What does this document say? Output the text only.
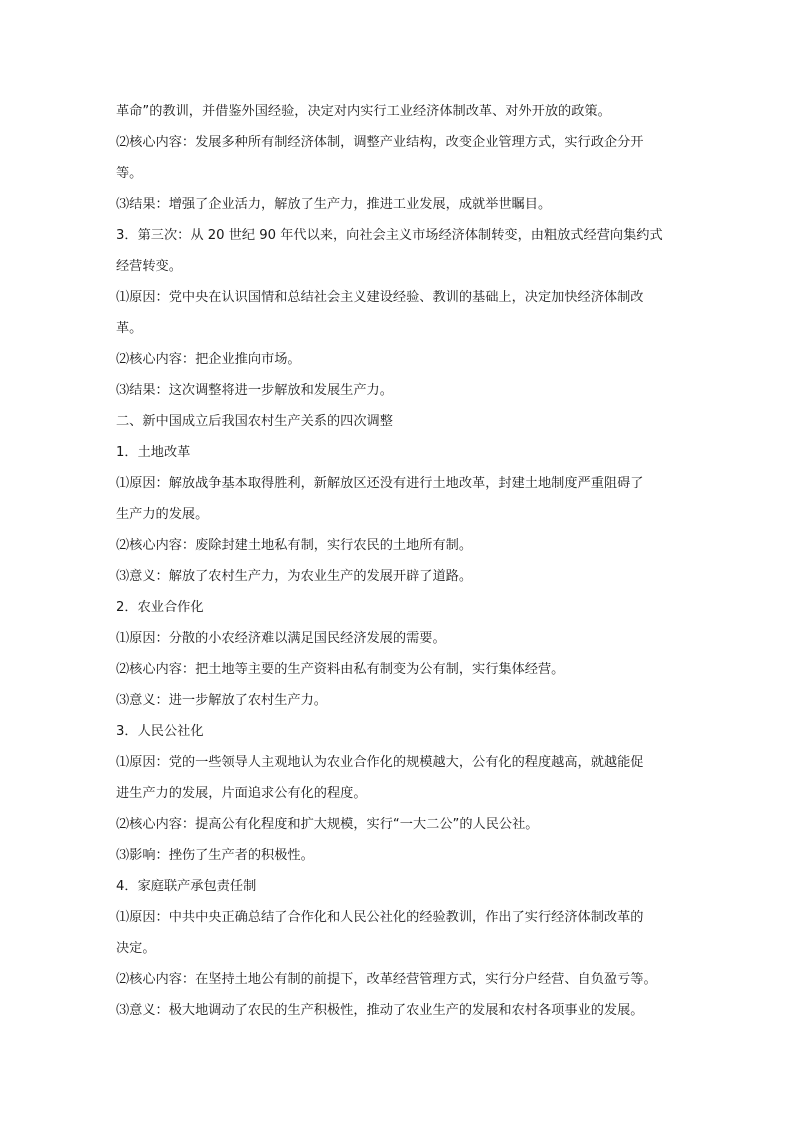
革命”的教训，并借鉴外国经验，决定对内实行工业经济体制改革、对外开放的政策。
⑵核心内容：发展多种所有制经济体制，调整产业结构，改变企业管理方式，实行政企分开
等。
⑶结果：增强了企业活力，解放了生产力，推进工业发展，成就举世瞩目。
3．第三次：从 20 世纪 90 年代以来，向社会主义市场经济体制转变，由粗放式经营向集约式
经营转变。
⑴原因：党中央在认识国情和总结社会主义建设经验、教训的基础上，决定加快经济体制改
革。
⑵核心内容：把企业推向市场。
⑶结果：这次调整将进一步解放和发展生产力。
二、新中国成立后我国农村生产关系的四次调整
1．土地改革
⑴原因：解放战争基本取得胜利，新解放区还没有进行土地改革，封建土地制度严重阻碍了
生产力的发展。
⑵核心内容：废除封建土地私有制，实行农民的土地所有制。
⑶意义：解放了农村生产力，为农业生产的发展开辟了道路。
2．农业合作化
⑴原因：分散的小农经济难以满足国民经济发展的需要。
⑵核心内容：把土地等主要的生产资料由私有制变为公有制，实行集体经营。
⑶意义：进一步解放了农村生产力。
3．人民公社化
⑴原因：党的一些领导人主观地认为农业合作化的规模越大，公有化的程度越高，就越能促
进生产力的发展，片面追求公有化的程度。
⑵核心内容：提高公有化程度和扩大规模，实行“一大二公”的人民公社。
⑶影响：挫伤了生产者的积极性。
4．家庭联产承包责任制
⑴原因：中共中央正确总结了合作化和人民公社化的经验教训，作出了实行经济体制改革的
决定。
⑵核心内容：在坚持土地公有制的前提下，改革经营管理方式，实行分户经营、自负盈亏等。
⑶意义：极大地调动了农民的生产积极性，推动了农业生产的发展和农村各项事业的发展。
